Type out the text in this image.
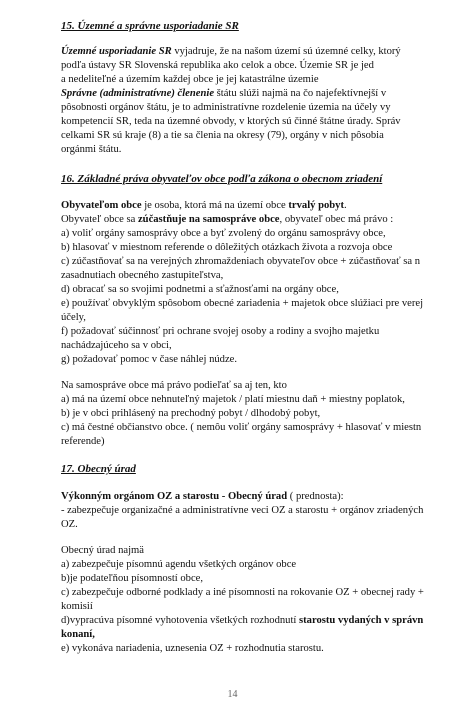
15. Územné a správne usporiadanie SR
Územné usporiadanie SR vyjadruje, že na našom území sú územné celky, ktorý
podľa ústavy SR Slovenská republika ako celok a obce. Územie SR je jed
a nedeliteľné a územím každej obce je jej katastrálne územie
Správne (administratívne) členenie štátu slúži najmä na čo najefektívnejší v
pôsobnosti orgánov štátu, je to administratívne rozdelenie územia na účely vy
kompetencií SR, teda na územné obvody, v ktorých sú činné štátne úrady. Správ
celkami SR sú kraje (8) a tie sa členia na okresy (79), orgány v nich pôsobia
orgánmi štátu.
16. Základné práva obyvateľov obce podľa zákona o obecnom zriadení
Obyvateľom obce je osoba, ktorá má na území obce trvalý pobyt.
Obyvateľ obce sa zúčastňuje na samospráve obce, obyvateľ obec má právo :
a) voliť orgány samosprávy obce a byť zvolený do orgánu samosprávy obce,
b) hlasovať v miestnom referende o dôležitých otázkach života a rozvoja obce
c) zúčastňovať sa na verejných zhromaždeniach obyvateľov obce + zúčastňovať sa n
zasadnutiach obecného zastupiteľstva,
d) obracať sa so svojimi podnetmi a sťažnosťami na orgány obce,
e) používať obvyklým spôsobom obecné zariadenia + majetok obce slúžiaci pre verej
účely,
f) požadovať súčinnosť pri ochrane svojej osoby a rodiny a svojho majetku
nachádzajúceho sa v obci,
g) požadovať pomoc v čase náhlej núdze.
Na samospráve obce má právo podieľať sa aj ten, kto
a) má na území obce nehnuteľný majetok / platí miestnu daň + miestny poplatok,
b) je v obci prihlásený na prechodný pobyt / dlhodobý pobyt,
c) má čestné občianstvo obce. ( nemôu voliť orgány samosprávy + hlasovať v miestn
referende)
17. Obecný úrad
Výkonným orgánom OZ a starostu - Obecný úrad ( prednosta):
- zabezpečuje organizačné a administratívne veci OZ a starostu + orgánov zriadených
OZ.
Obecný úrad najmä
a) zabezpečuje písomnú agendu všetkých orgánov obce
b)je podateľňou písomností obce,
c) zabezpečuje odborné podklady a iné písomnosti na rokovanie OZ + obecnej rady +
komisií
d)vypracúva písomné vyhotovenia všetkých rozhodnutí starostu vydaných v správn
konaní,
e) vykonáva nariadenia, uznesenia OZ + rozhodnutia starostu.
14
